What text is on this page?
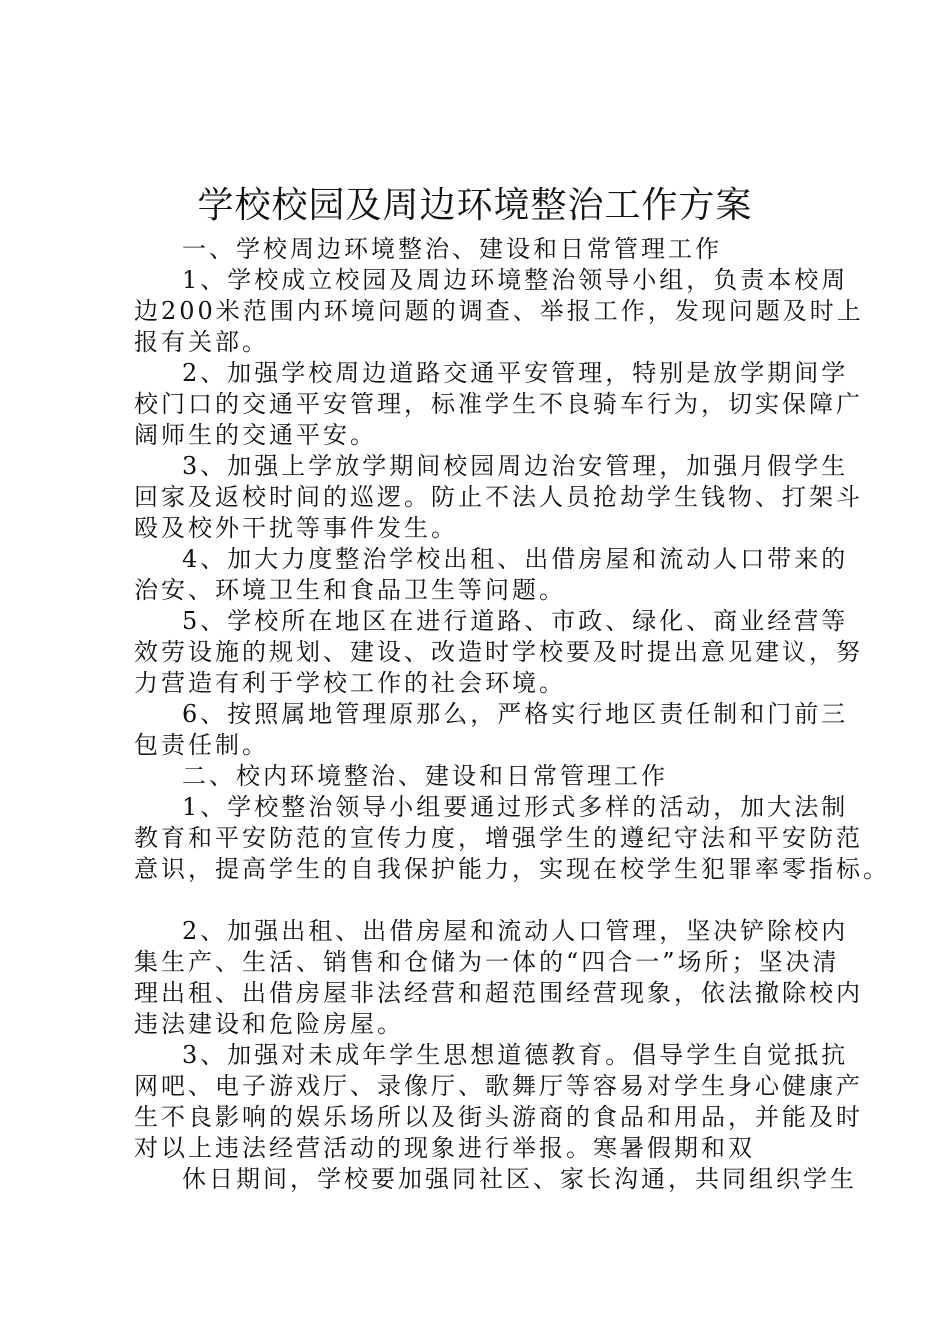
学校校园及周边环境整治工作方案
一、学校周边环境整治、建设和日常管理工作
1、学校成立校园及周边环境整治领导小组，负责本校周
边200米范围内环境问题的调查、举报工作，发现问题及时上
报有关部。
2、加强学校周边道路交通平安管理，特别是放学期间学
校门口的交通平安管理，标准学生不良骑车行为，切实保障广
阔师生的交通平安。
3、加强上学放学期间校园周边治安管理，加强月假学生
回家及返校时间的巡逻。防止不法人员抢劫学生钱物、打架斗
殴及校外干扰等事件发生。
4、加大力度整治学校出租、出借房屋和流动人口带来的
治安、环境卫生和食品卫生等问题。
5、学校所在地区在进行道路、市政、绿化、商业经营等
效劳设施的规划、建设、改造时学校要及时提出意见建议，努
力营造有利于学校工作的社会环境。
6、按照属地管理原那么，严格实行地区责任制和门前三
包责任制。
二、校内环境整治、建设和日常管理工作
1、学校整治领导小组要通过形式多样的活动，加大法制
教育和平安防范的宣传力度，增强学生的遵纪守法和平安防范
意识，提高学生的自我保护能力，实现在校学生犯罪率零指标。
2、加强出租、出借房屋和流动人口管理，坚决铲除校内
集生产、生活、销售和仓储为一体的“四合一”场所；坚决清
理出租、出借房屋非法经营和超范围经营现象，依法撤除校内
违法建设和危险房屋。
3、加强对未成年学生思想道德教育。倡导学生自觉抵抗
网吧、电子游戏厅、录像厅、歌舞厅等容易对学生身心健康产
生不良影响的娱乐场所以及街头游商的食品和用品，并能及时
对以上违法经营活动的现象进行举报。寒暑假期和双
休日期间，学校要加强同社区、家长沟通，共同组织学生
